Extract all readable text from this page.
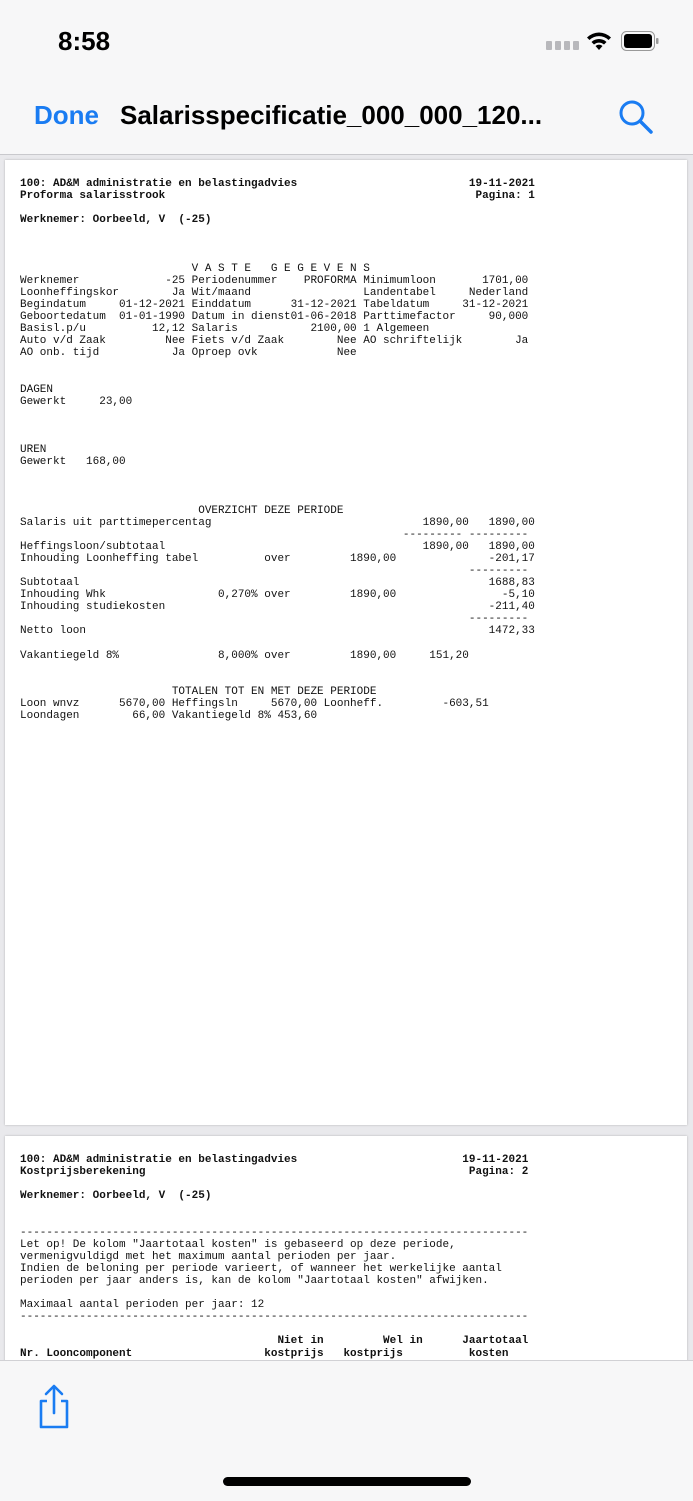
8:58
Done Salarisspecificatie_000_000_120...
19-11-2021
Pagina: 1
100: AD&M administratie en belastingadvies
Proforma salarisstrook

Werknemer: Oorbeeld, V  (-25)

V A S T E   G E G E V E N S
Werknemer             -25 Periodenummer    PROFORMA Minimumloon       1701,00
Loonheffingskor        Ja Wit/maand                 Landentabel     Nederland
Begindatum     01-12-2021 Einddatum      31-12-2021 Tabeldatum     31-12-2021
Geboortedatum  01-01-1990 Datum in dienst01-06-2018 Parttimefactor     90,000
Basisl.p/u          12,12 Salaris           2100,00 1 Algemeen
Auto v/d Zaak         Nee Fiets v/d Zaak        Nee AO schriftelijk        Ja
AO onb. tijd           Ja Oproep ovk            Nee

DAGEN
Gewerkt     23,00

UREN
Gewerkt   168,00

OVERZICHT DEZE PERIODE
Salaris uit parttimepercentag                                1890,00   1890,00
--------- ---------
Heffingsloon/subtotaal                                       1890,00   1890,00
Inhouding Loonheffing tabel          over         1890,00              -201,17
---------
Subtotaal                                                              1688,83
Inhouding Whk                 0,270% over         1890,00                -5,10
Inhouding studiekosten                                                 -211,40
---------
Netto loon                                                             1472,33

Vakantiegeld 8%               8,000% over         1890,00     151,20

TOTALEN TOT EN MET DEZE PERIODE
Loon wnvz      5670,00 Heffingsln     5670,00 Loonheff.         -603,51
Loondagen        66,00 Vakantiegeld 8% 453,60

19-11-2021
Pagina: 2
100: AD&M administratie en belastingadvies
Kostprijsberekening

Werknemer: Oorbeeld, V  (-25)

-----------------------------------------------------------------------------
Let op! De kolom "Jaartotaal kosten" is gebaseerd op deze periode,
vermenigvuldigd met het maximum aantal perioden per jaar.
Indien de beloning per periode varieert, of wanneer het werkelijke aantal
perioden per jaar anders is, kan de kolom "Jaartotaal kosten" afwijken.

Maximaal aantal perioden per jaar: 12
-----------------------------------------------------------------------------

Niet in         Wel in      Jaartotaal
Nr. Looncomponent                    kostprijs   kostprijs          kosten
